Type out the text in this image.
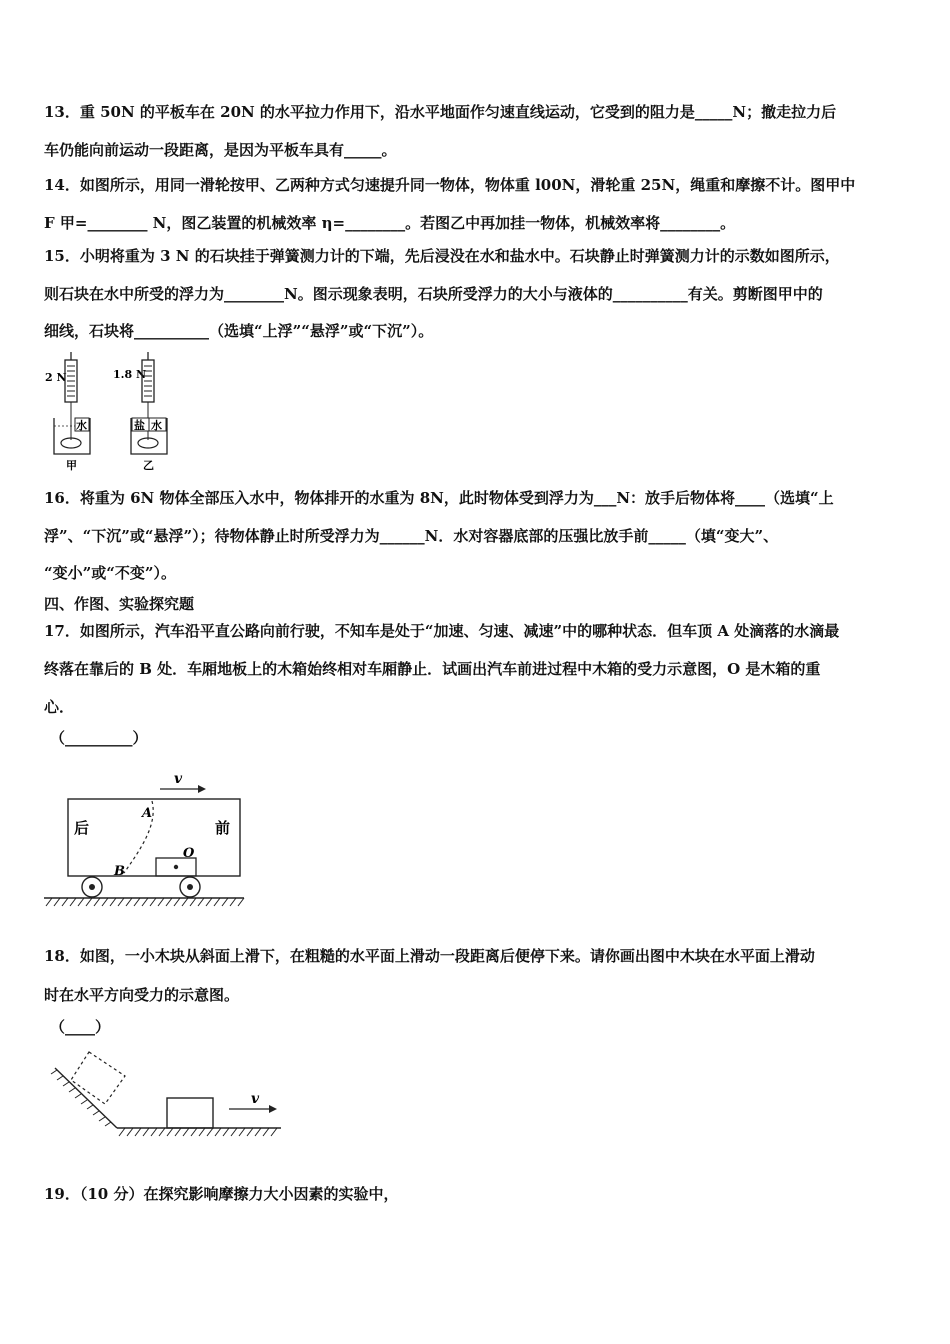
13．重 50N 的平板车在 20N 的水平拉力作用下，沿水平地面作匀速直线运动，它受到的阻力是_____N；撤走拉力后
车仍能向前运动一段距离，是因为平板车具有_____。
14．如图所示，用同一滑轮按甲、乙两种方式匀速提升同一物体，物体重 l00N，滑轮重 25N，绳重和摩擦不计。图甲中
F 甲=________ N，图乙装置的机械效率 η=________。若图乙中再加挂一物体，机械效率将________。
15．小明将重为 3 N 的石块挂于弹簧测力计的下端，先后浸没在水和盐水中。石块静止时弹簧测力计的示数如图所示，
则石块在水中所受的浮力为________N。图示现象表明，石块所受浮力的大小与液体的__________有关。剪断图甲中的
细线，石块将__________（选填“上浮”“悬浮”或“下沉”）。
2 N
水
甲
1.8 N
盐 水
乙
16．将重为 6N 物体全部压入水中，物体排开的水重为 8N，此时物体受到浮力为___N：放手后物体将____（选填“上
浮”、“下沉”或“悬浮”）；待物体静止时所受浮力为______N．水对容器底部的压强比放手前_____（填“变大”、
“变小”或“不变”）。
四、作图、实验探究题
17．如图所示，汽车沿平直公路向前行驶，不知车是处于“加速、匀速、减速”中的哪种状态．但车顶 A 处滴落的水滴最
终落在靠后的 B 处．车厢地板上的木箱始终相对车厢静止．试画出汽车前进过程中木箱的受力示意图，O 是木箱的重
心．
（_________）
v
后	前
A
B
O
18．如图，一小木块从斜面上滑下，在粗糙的水平面上滑动一段距离后便停下来。请你画出图中木块在水平面上滑动
时在水平方向受力的示意图。
（____）
v
19．（10 分）在探究影响摩擦力大小因素的实验中，
